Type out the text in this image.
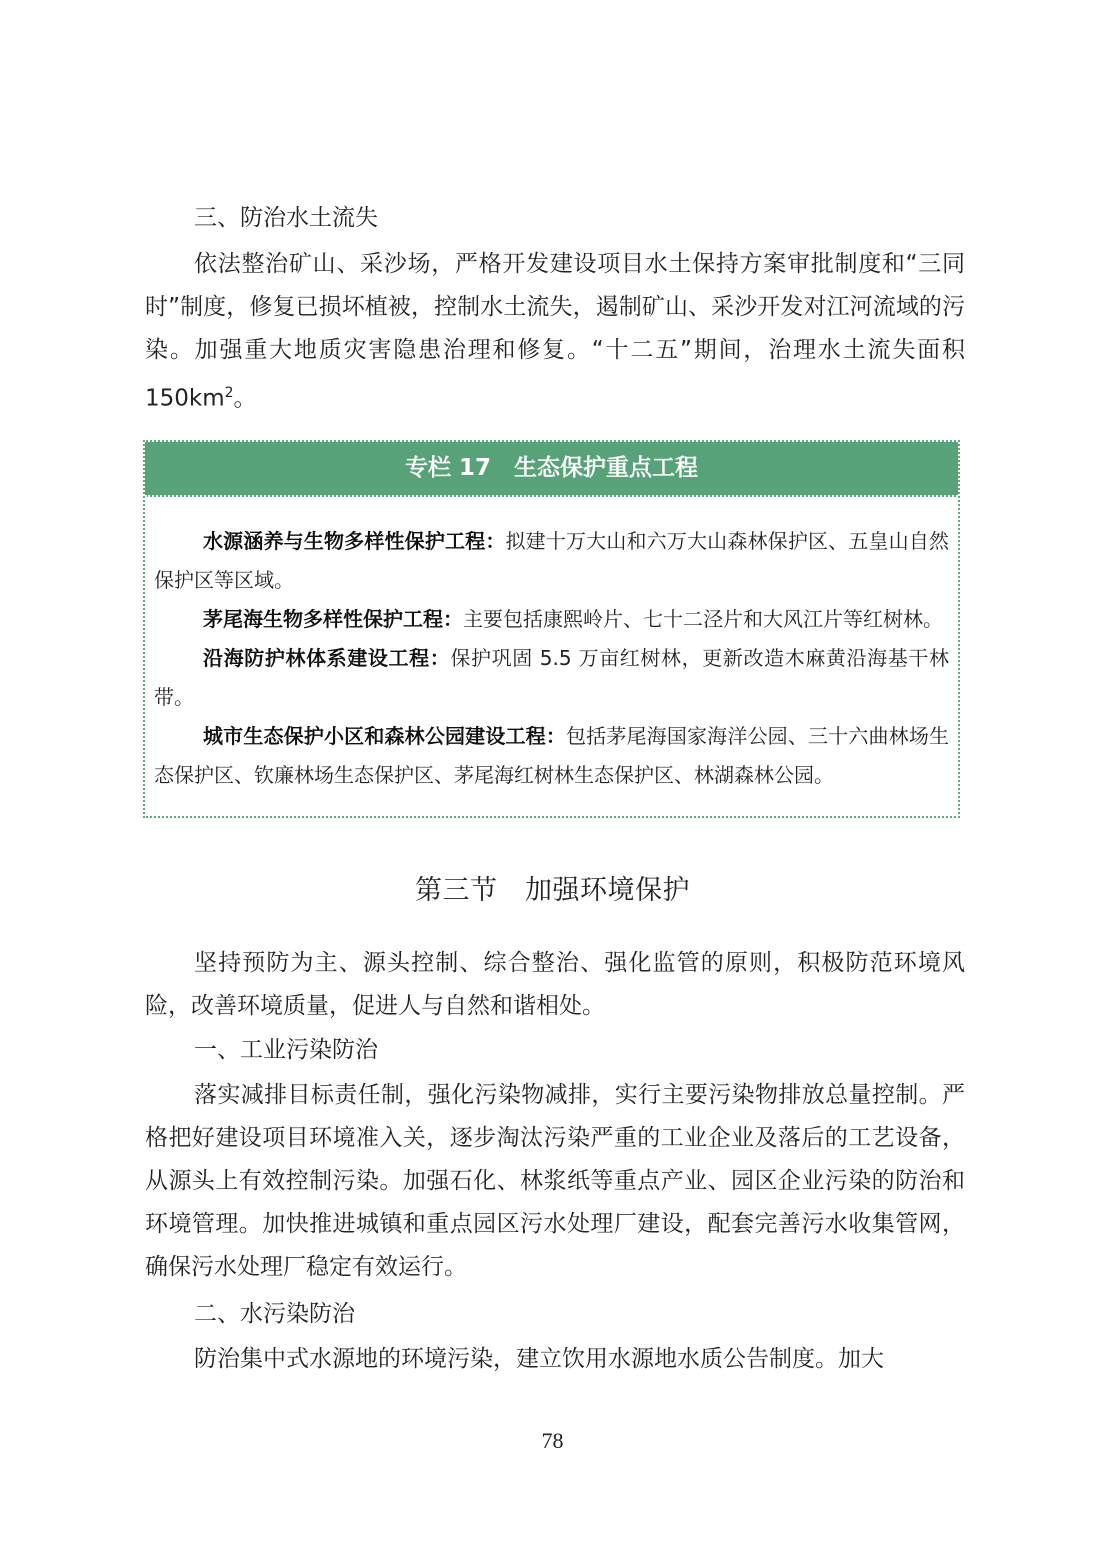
三、防治水土流失

依法整治矿山、采沙场，严格开发建设项目水土保持方案审批制度和“三同时”制度，修复已损坏植被，控制水土流失，遏制矿山、采沙开发对江河流域的污染。加强重大地质灾害隐患治理和修复。“十二五”期间，治理水土流失面积 $150km^2$。

专栏 17　生态保护重点工程

水源涵养与生物多样性保护工程：拟建十万大山和六万大山森林保护区、五皇山自然保护区等区域。

茅尾海生物多样性保护工程：主要包括康熙岭片、七十二泾片和大风江片等红树林。

沿海防护林体系建设工程：保护巩固 5.5 万亩红树林，更新改造木麻黄沿海基干林带。

城市生态保护小区和森林公园建设工程：包括茅尾海国家海洋公园、三十六曲林场生态保护区、钦廉林场生态保护区、茅尾海红树林生态保护区、林湖森林公园。

第三节　加强环境保护

坚持预防为主、源头控制、综合整治、强化监管的原则，积极防范环境风险，改善环境质量，促进人与自然和谐相处。

一、工业污染防治

落实减排目标责任制，强化污染物减排，实行主要污染物排放总量控制。严格把好建设项目环境准入关，逐步淘汰污染严重的工业企业及落后的工艺设备，从源头上有效控制污染。加强石化、林浆纸等重点产业、园区企业污染的防治和环境管理。加快推进城镇和重点园区污水处理厂建设，配套完善污水收集管网，确保污水处理厂稳定有效运行。

二、水污染防治

防治集中式水源地的环境污染，建立饮用水源地水质公告制度。加大

78
